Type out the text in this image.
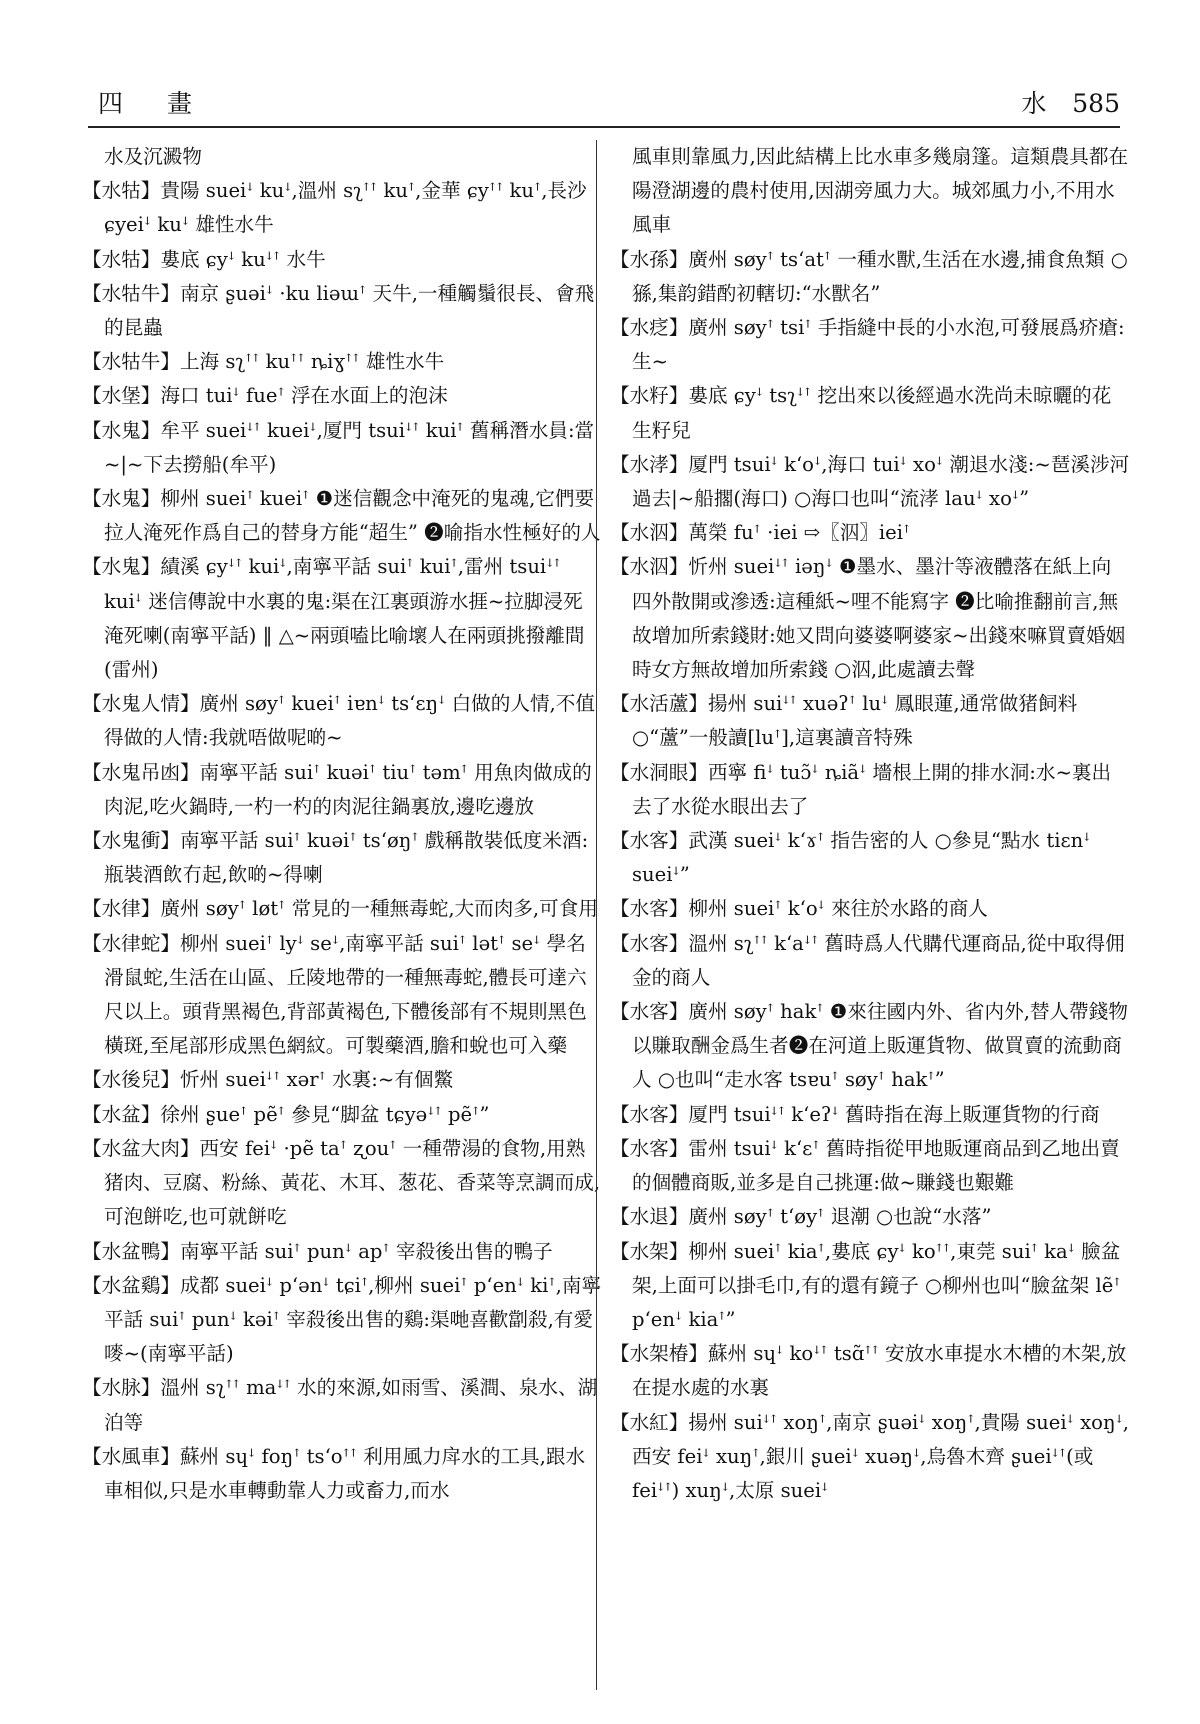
四 畫	水 585

水及沉澱物

【水牯】貴陽 sueiꜜ kuꜜ,溫州 sʅꜛꜛ kuꜛ,金華 ɕyꜛꜛ kuꜛ,長沙 ɕyeiꜜ kuꜜ 雄性水牛

【水牯】婁底 ɕyꜜ kuꜜꜛ 水牛

【水牯牛】南京 ʂuəiꜜ ·ku liəɯꜛ 天牛,一種觸鬚很長、會飛的昆蟲

【水牯牛】上海 sʅꜛꜛ kuꜛꜛ ȵiɣꜛꜛ 雄性水牛

【水堡】海口 tuiꜜ fueꜛ 浮在水面上的泡沫

【水鬼】牟平 sueiꜜꜛ kueiꜜ,厦門 tsuiꜜꜛ kuiꜛ 舊稱潛水員:當~|~下去撈船(牟平)

【水鬼】柳州 sueiꜛ kueiꜛ ❶迷信觀念中淹死的鬼魂,它們要拉人淹死作爲自己的替身方能“超生” ❷喻指水性極好的人

【水鬼】績溪 ɕyꜜꜛ kuiꜜ,南寧平話 suiꜛ kuiꜛ,雷州 tsuiꜜꜛ kuiꜜ 迷信傳說中水裏的鬼:渠在江裏頭游水捱~拉脚浸死淹死喇(南寧平話) ‖ △~兩頭嗑比喻壞人在兩頭挑撥離間(雷州)

【水鬼人情】廣州 søyꜛ kueiꜛ iɐnꜜ tsʻɛŋꜜ 白做的人情,不值得做的人情:我就唔做呢啲~

【水鬼吊凼】南寧平話 suiꜛ kuəiꜛ tiuꜛ təmꜛ 用魚肉做成的肉泥,吃火鍋時,一杓一杓的肉泥往鍋裏放,邊吃邊放

【水鬼衝】南寧平話 suiꜛ kuəiꜛ tsʻøŋꜛ 戲稱散裝低度米酒:瓶裝酒飲冇起,飲啲~得喇

【水律】廣州 søyꜛ løtꜛ 常見的一種無毒蛇,大而肉多,可食用

【水律蛇】柳州 sueiꜛ lyꜜ seꜜ,南寧平話 suiꜛ lətꜛ seꜜ 學名滑鼠蛇,生活在山區、丘陵地帶的一種無毒蛇,體長可達六尺以上。頭背黑褐色,背部黃褐色,下體後部有不規則黑色橫斑,至尾部形成黑色網紋。可製藥酒,膽和蛻也可入藥

【水後兒】忻州 sueiꜜꜛ xərꜛ 水裏:~有個鱉

【水盆】徐州 ʂueꜛ pẽꜛ 參見“脚盆 tɕyəꜜꜛ pẽꜛ”

【水盆大肉】西安 feiꜜ ·pẽ taꜛ ʐouꜛ 一種帶湯的食物,用熟猪肉、豆腐、粉絲、黃花、木耳、葱花、香菜等烹調而成,可泡餅吃,也可就餅吃

【水盆鴨】南寧平話 suiꜛ punꜜ apꜛ 宰殺後出售的鴨子

【水盆鷄】成都 sueiꜜ pʻənꜜ tɕiꜛ,柳州 sueiꜛ pʻenꜜ kiꜛ,南寧平話 suiꜛ punꜜ kəiꜛ 宰殺後出售的鷄:渠哋喜歡劏殺,有愛嘜~(南寧平話)

【水脉】溫州 sʅꜛꜛ maꜜꜛ 水的來源,如雨雪、溪澗、泉水、湖泊等

【水風車】蘇州 sɥꜜ foŋꜛ tsʻoꜛꜛ 利用風力戽水的工具,跟水車相似,只是水車轉動靠人力或畜力,而水

風車則靠風力,因此結構上比水車多幾扇篷。這類農具都在陽澄湖邊的農村使用,因湖旁風力大。城郊風力小,不用水風車

【水孫】廣州 søyꜛ tsʻatꜛ 一種水獸,生活在水邊,捕食魚類 ○猻,集韵錯酌初轄切:“水獸名”

【水疺】廣州 søyꜛ tsiꜛ 手指縫中長的小水泡,可發展爲疥瘡:生~

【水籽】婁底 ɕyꜜ tsʅꜜꜛ 挖出來以後經過水洗尚未晾曬的花生籽兒

【水涍】厦門 tsuiꜜ kʻoꜜ,海口 tuiꜜ xoꜜ 潮退水淺:~琶溪涉河過去|~船擱(海口) ○海口也叫“流涍 lauꜜ xoꜜ”

【水泅】萬榮 fuꜛ ·iei ⇨〖泅〗ieiꜛ

【水泅】忻州 sueiꜜꜛ iəŋꜜ ❶墨水、墨汁等液體落在紙上向四外散開或滲透:這種紙~哩不能寫字 ❷比喻推翻前言,無故增加所索錢財:她又問向婆婆啊婆家~出錢來嘛買賣婚姻時女方無故增加所索錢 ○泅,此處讀去聲

【水活蘆】揚州 suiꜜꜛ xuəʔꜛ luꜜ 鳳眼蓮,通常做猪飼料 ○“蘆”一般讀[luꜛ],這裏讀音特殊

【水洞眼】西寧 fiꜜ tuɔ̃ꜜ ȵiãꜜ 墻根上開的排水洞:水~裏出去了水從水眼出去了

【水客】武漢 sueiꜜ kʻɤꜛ 指告密的人 ○參見“點水 tiɛnꜜ sueiꜜ”

【水客】柳州 sueiꜛ kʻoꜜ 來往於水路的商人

【水客】溫州 sʅꜛꜛ kʻaꜜꜛ 舊時爲人代購代運商品,從中取得佣金的商人

【水客】廣州 søyꜛ hakꜛ ❶來往國内外、省内外,替人帶錢物以賺取酬金爲生者❷在河道上販運貨物、做買賣的流動商人 ○也叫“走水客 tsɐuꜛ søyꜛ hakꜛ”

【水客】厦門 tsuiꜜꜛ kʻeʔꜜ 舊時指在海上販運貨物的行商

【水客】雷州 tsuiꜜ kʻɛꜛ 舊時指從甲地販運商品到乙地出賣的個體商販,並多是自己挑運:做~賺錢也艱難

【水退】廣州 søyꜛ tʻøyꜛ 退潮 ○也說“水落”

【水架】柳州 sueiꜛ kiaꜛ,婁底 ɕyꜜ koꜛꜛ,東莞 suiꜛ kaꜜ 臉盆架,上面可以掛毛巾,有的還有鏡子 ○柳州也叫“臉盆架 lẽꜛ pʻenꜜ kiaꜛ”

【水架椿】蘇州 sɥꜜ koꜜꜛ tsɑ̃ꜛꜛ 安放水車提水木槽的木架,放在提水處的水裏

【水紅】揚州 suiꜜꜛ xoŋꜛ,南京 ʂuəiꜜ xoŋꜛ,貴陽 sueiꜜ xoŋꜜ,西安 feiꜜ xuŋꜛ,銀川 ʂueiꜜ xuəŋꜜ,烏魯木齊 ʂueiꜜꜛ(或 feiꜜꜛ) xuŋꜜ,太原 sueiꜜ
